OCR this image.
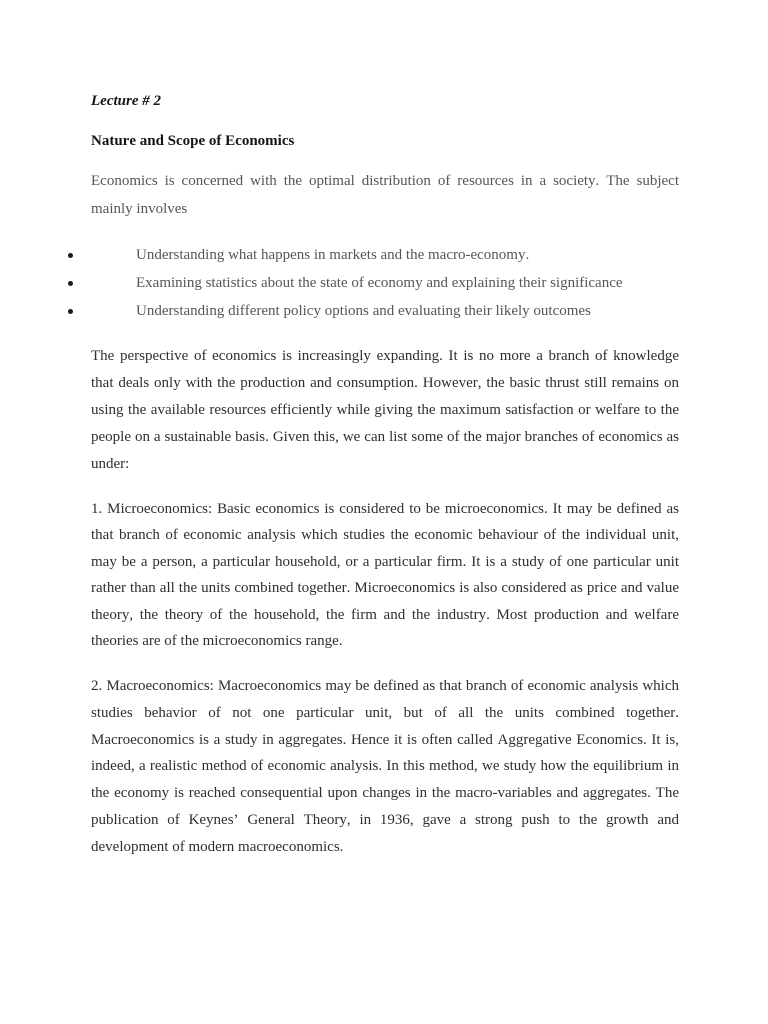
Lecture # 2
Nature and Scope of Economics
Economics is concerned with the optimal distribution of resources in a society. The subject
mainly involves
Understanding what happens in markets and the macro-economy.
Examining statistics about the state of economy and explaining their significance
Understanding different policy options and evaluating their likely outcomes
The perspective of economics is increasingly expanding. It is no more a branch of knowledge
that deals only with the production and consumption. However, the basic thrust still remains on
using the available resources efficiently while giving the maximum satisfaction or welfare to the
people on a sustainable basis. Given this, we can list some of the major branches of economics as
under:
1. Microeconomics: Basic economics is considered to be microeconomics. It may be defined as
that branch of economic analysis which studies the economic behaviour of the individual unit,
may be a person, a particular household, or a particular firm. It is a study of one particular unit
rather than all the units combined together. Microeconomics is also considered as price and value
theory, the theory of the household, the firm and the industry. Most production and welfare
theories are of the microeconomics range.
2. Macroeconomics: Macroeconomics may be defined as that branch of economic analysis which
studies behavior of not one particular unit, but of all the units combined together.
Macroeconomics is a study in aggregates. Hence it is often called Aggregative Economics. It is,
indeed, a realistic method of economic analysis. In this method, we study how the equilibrium in
the economy is reached consequential upon changes in the macro-variables and aggregates. The
publication of Keynes’ General Theory, in 1936, gave a strong push to the growth and
development of modern macroeconomics.
